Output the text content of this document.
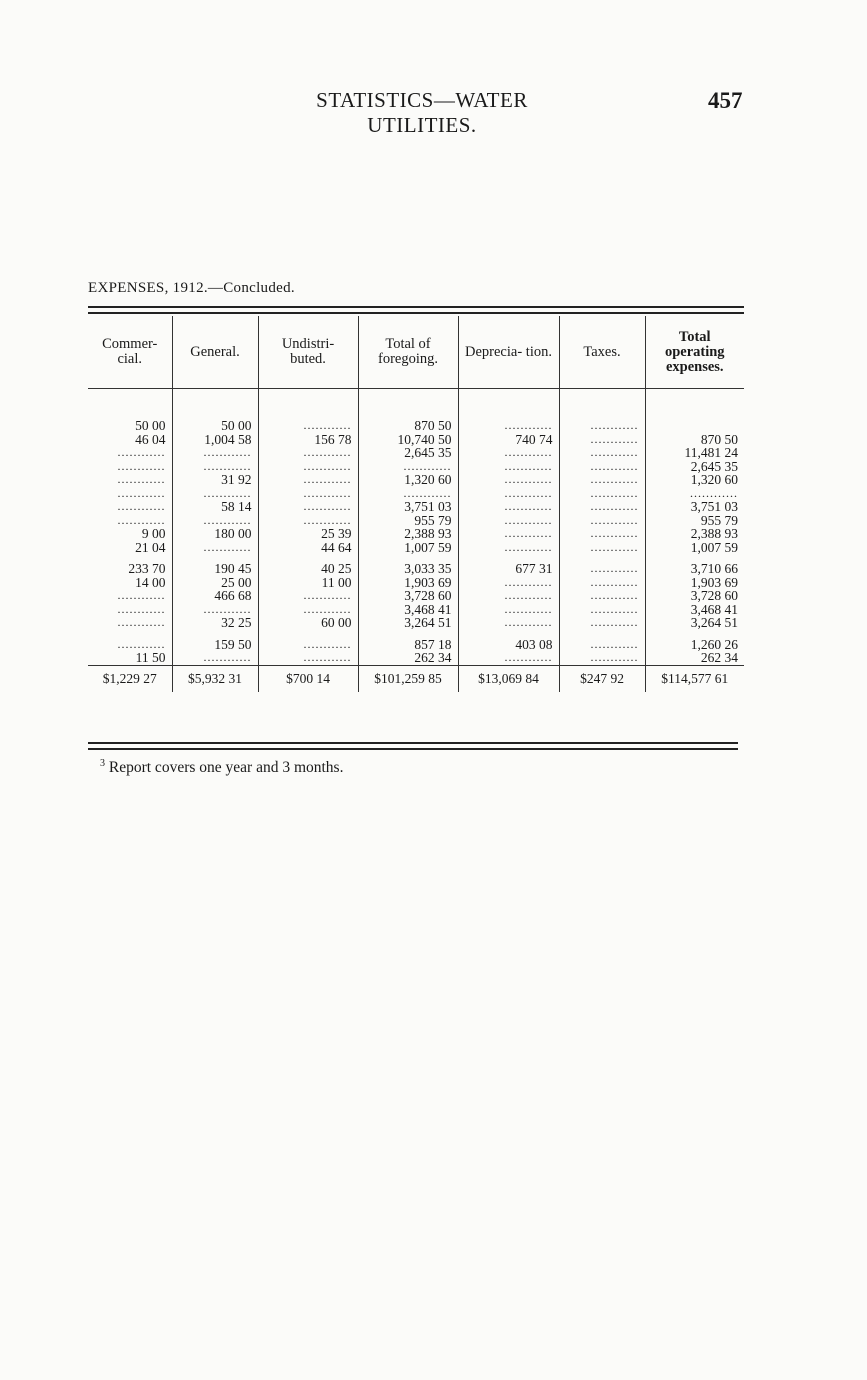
STATISTICS—WATER UTILITIES.
457
EXPENSES, 1912.—Concluded.
Commer- cial.	General.	Undistri- buted.	Total of foregoing.	Deprecia- tion.	Taxes.	Total operating expenses.

50 00	50 00	............	870 50	............	............	
46 04	1,004 58	156 78	10,740 50	740 74	............	870 50
............	............	............	2,645 35	............	............	11,481 24
............	............	............	............	............	............	2,645 35
............	31 92	............	1,320 60	............	............	1,320 60
............	............	............	............	............	............	............
............	58 14	............	3,751 03	............	............	3,751 03
............	............	............	955 79	............	............	955 79
9 00	180 00	25 39	2,388 93	............	............	2,388 93
21 04	............	44 64	1,007 59	............	............	1,007 59

233 70	190 45	40 25	3,033 35	677 31	............	3,710 66
14 00	25 00	11 00	1,903 69	............	............	1,903 69
............	466 68	............	3,728 60	............	............	3,728 60
............	............	............	3,468 41	............	............	3,468 41
............	32 25	60 00	3,264 51	............	............	3,264 51

............	159 50	............	857 18	403 08	............	1,260 26
11 50	............	............	262 34	............	............	262 34
$1,229 27	$5,932 31	$700 14	$101,259 85	$13,069 84	$247 92	$114,577 61
$^3$ Report covers one year and 3 months.
